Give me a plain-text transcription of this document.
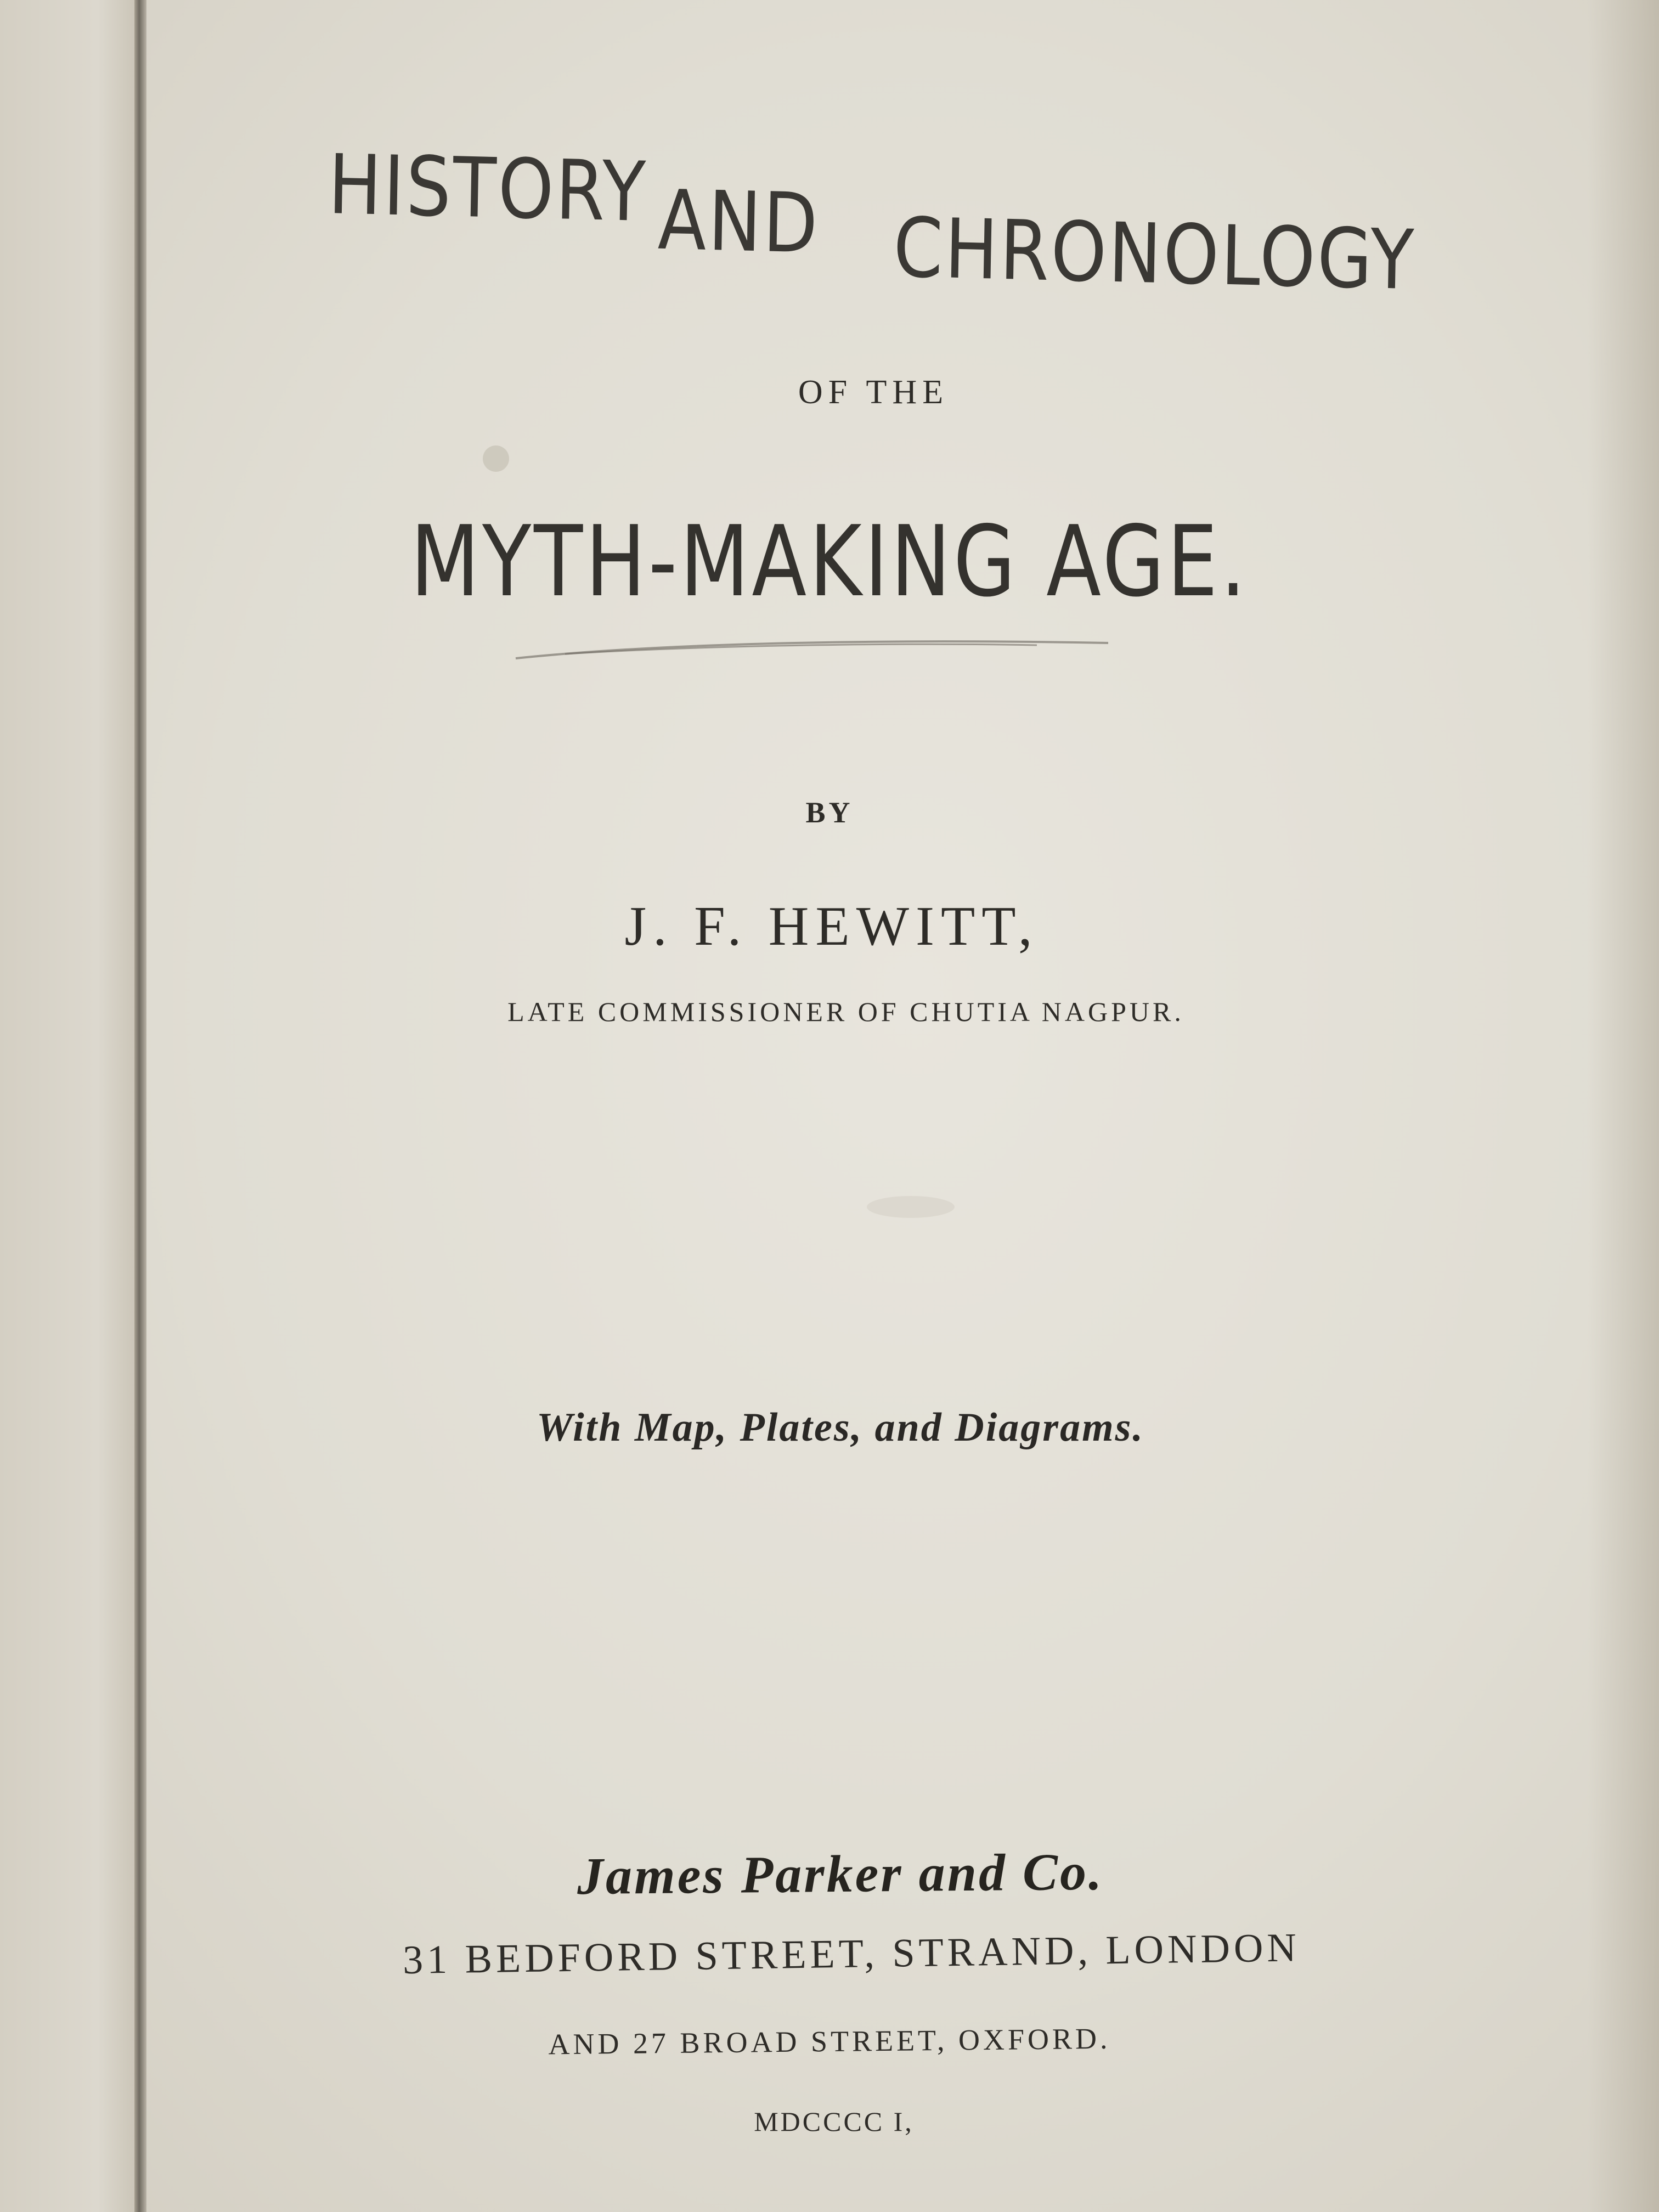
HISTORY AND CHRONOLOGY
OF THE
MYTH-MAKING AGE.
BY
J. F. HEWITT,
LATE COMMISSIONER OF CHUTIA NAGPUR.
With Map, Plates, and Diagrams.
James Parker and Co.
31 BEDFORD STREET, STRAND, LONDON
AND 27 BROAD STREET, OXFORD.
MDCCCC I,
